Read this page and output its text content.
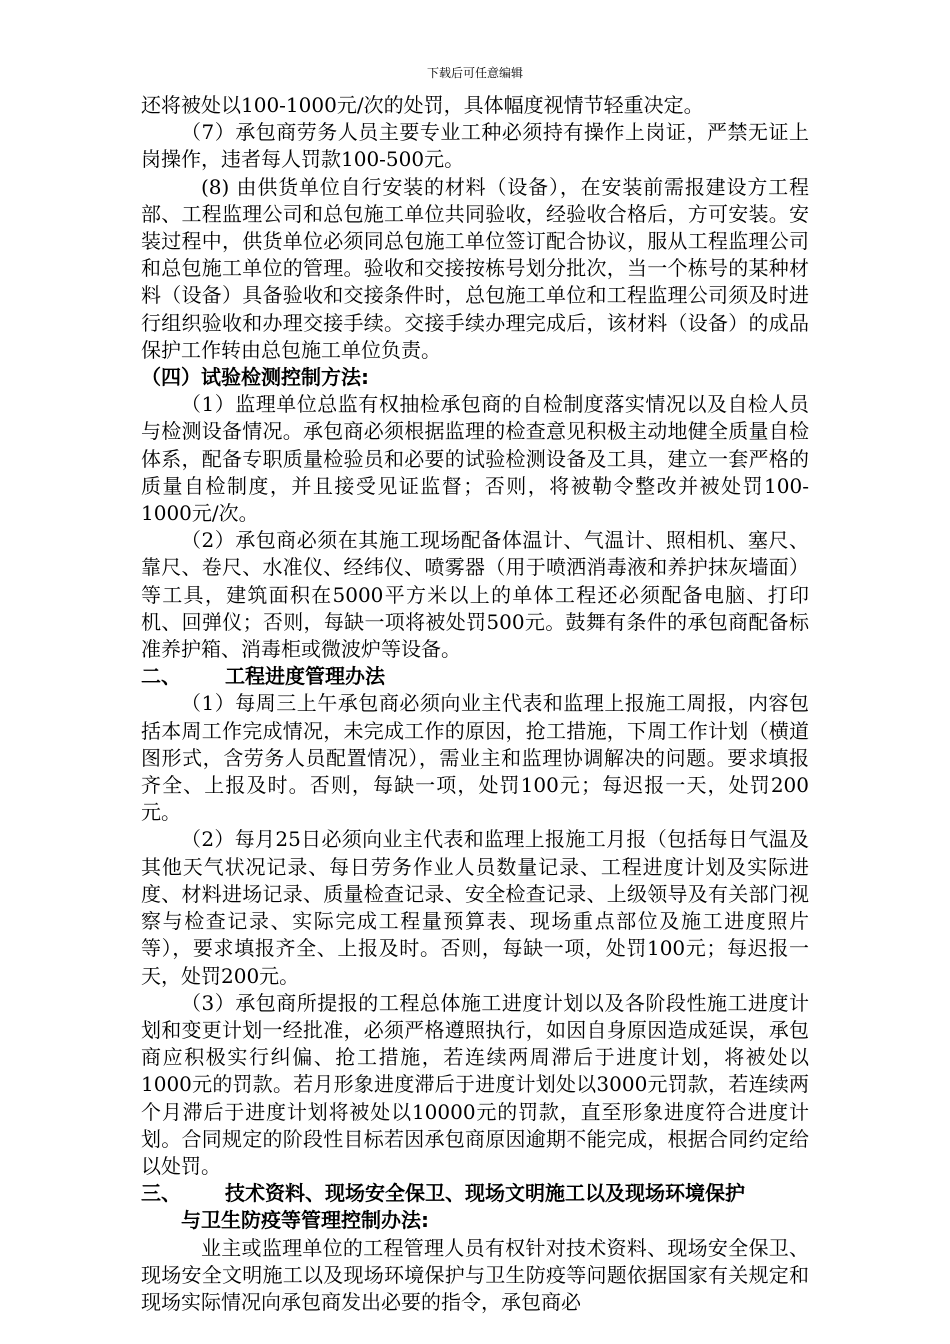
下载后可任意编辑

还将被处以100-1000元/次的处罚，具体幅度视情节轻重决定。

（7）承包商劳务人员主要专业工种必须持有操作上岗证，严禁无证上岗操作，违者每人罚款100-500元。

(8) 由供货单位自行安装的材料（设备），在安装前需报建设方工程部、工程监理公司和总包施工单位共同验收，经验收合格后，方可安装。安装过程中，供货单位必须同总包施工单位签订配合协议，服从工程监理公司和总包施工单位的管理。验收和交接按栋号划分批次，当一个栋号的某种材料（设备）具备验收和交接条件时，总包施工单位和工程监理公司须及时进行组织验收和办理交接手续。交接手续办理完成后，该材料（设备）的成品保护工作转由总包施工单位负责。

（四）试验检测控制方法:

（1）监理单位总监有权抽检承包商的自检制度落实情况以及自检人员与检测设备情况。承包商必须根据监理的检查意见积极主动地健全质量自检体系，配备专职质量检验员和必要的试验检测设备及工具，建立一套严格的质量自检制度，并且接受见证监督；否则，将被勒令整改并被处罚100-1000元/次。

（2）承包商必须在其施工现场配备体温计、气温计、照相机、塞尺、靠尺、卷尺、水准仪、经纬仪、喷雾器（用于喷洒消毒液和养护抹灰墙面）等工具，建筑面积在5000平方米以上的单体工程还必须配备电脑、打印机、回弹仪；否则，每缺一项将被处罚500元。鼓舞有条件的承包商配备标准养护箱、消毒柜或微波炉等设备。

二、 工程进度管理办法

（1）每周三上午承包商必须向业主代表和监理上报施工周报，内容包括本周工作完成情况，未完成工作的原因，抢工措施，下周工作计划（横道图形式，含劳务人员配置情况），需业主和监理协调解决的问题。要求填报齐全、上报及时。否则，每缺一项，处罚100元；每迟报一天，处罚200元。

（2）每月25日必须向业主代表和监理上报施工月报（包括每日气温及其他天气状况记录、每日劳务作业人员数量记录、工程进度计划及实际进度、材料进场记录、质量检查记录、安全检查记录、上级领导及有关部门视察与检查记录、实际完成工程量预算表、现场重点部位及施工进度照片等），要求填报齐全、上报及时。否则，每缺一项，处罚100元；每迟报一天，处罚200元。

（3）承包商所提报的工程总体施工进度计划以及各阶段性施工进度计划和变更计划一经批准，必须严格遵照执行，如因自身原因造成延误，承包商应积极实行纠偏、抢工措施，若连续两周滞后于进度计划，将被处以1000元的罚款。若月形象进度滞后于进度计划处以3000元罚款，若连续两个月滞后于进度计划将被处以10000元的罚款，直至形象进度符合进度计划。合同规定的阶段性目标若因承包商原因逾期不能完成，根据合同约定给以处罚。

三、 技术资料、现场安全保卫、现场文明施工以及现场环境保护

与卫生防疫等管理控制办法:

业主或监理单位的工程管理人员有权针对技术资料、现场安全保卫、现场安全文明施工以及现场环境保护与卫生防疫等问题依据国家有关规定和现场实际情况向承包商发出必要的指令，承包商必
